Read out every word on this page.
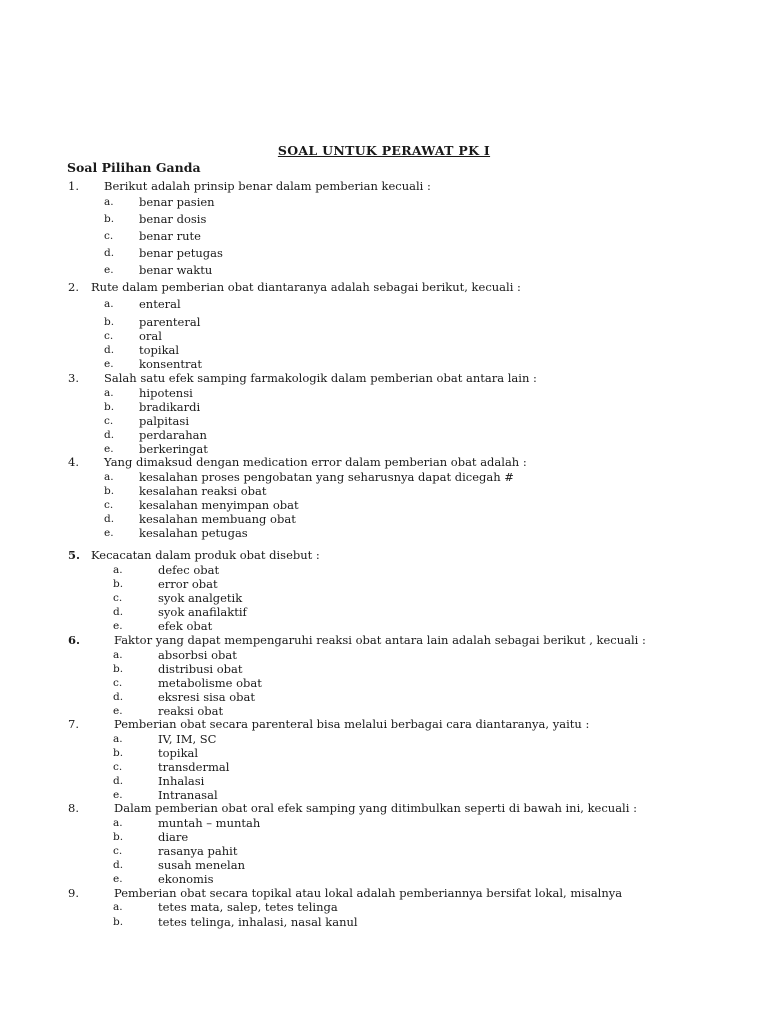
SOAL UNTUK PERAWAT PK I
Soal Pilihan Ganda
1. Berikut adalah prinsip benar dalam pemberian kecuali :
a. benar pasien
b. benar dosis
c. benar rute
d. benar petugas
e. benar waktu
2. Rute dalam pemberian obat diantaranya adalah sebagai berikut, kecuali :
a. enteral
b. parenteral
c. oral
d. topikal
e. konsentrat
3. Salah satu efek samping farmakologik dalam pemberian obat antara lain :
a. hipotensi
b. bradikardi
c. palpitasi
d. perdarahan
e. berkeringat
4. Yang dimaksud dengan medication error dalam pemberian obat adalah :
a. kesalahan proses pengobatan yang seharusnya dapat dicegah #
b. kesalahan reaksi obat
c. kesalahan menyimpan obat
d. kesalahan membuang obat
e. kesalahan petugas
5. Kecacatan dalam produk obat disebut :
a.	defec obat
b.	error obat
c.	syok analgetik
d.	syok anafilaktif
e.	efek obat
6.	Faktor yang dapat mempengaruhi reaksi obat antara lain adalah sebagai berikut , kecuali :
a.	absorbsi obat
b.	distribusi obat
c.	metabolisme obat
d.	eksresi sisa obat
e.	reaksi obat
7.	Pemberian obat secara parenteral bisa melalui berbagai cara diantaranya, yaitu :
a.	IV, IM, SC
b.	topikal
c.	transdermal
d.	Inhalasi
e.	Intranasal
8.	Dalam pemberian obat oral efek samping yang ditimbulkan seperti di bawah ini, kecuali :
a.	muntah – muntah
b.	diare
c.	rasanya pahit
d.	susah menelan
e.	ekonomis
9.	Pemberian obat secara topikal atau lokal adalah pemberiannya bersifat lokal, misalnya
a.	tetes mata, salep, tetes telinga
b.	tetes telinga, inhalasi, nasal kanul
